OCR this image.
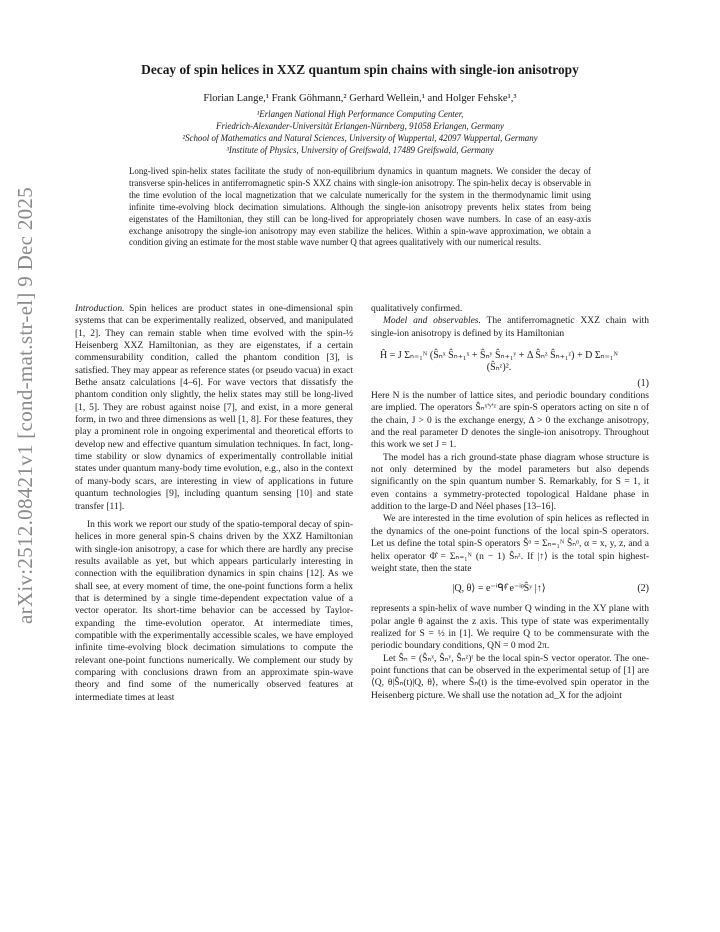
arXiv:2512.08421v1 [cond-mat.str-el] 9 Dec 2025
Decay of spin helices in XXZ quantum spin chains with single-ion anisotropy
Florian Lange,¹ Frank Göhmann,² Gerhard Wellein,¹ and Holger Fehske¹,³
¹Erlangen National High Performance Computing Center,
Friedrich-Alexander-Universität Erlangen-Nürnberg, 91058 Erlangen, Germany
²School of Mathematics and Natural Sciences, University of Wuppertal, 42097 Wuppertal, Germany
³Institute of Physics, University of Greifswald, 17489 Greifswald, Germany
Long-lived spin-helix states facilitate the study of non-equilibrium dynamics in quantum magnets. We consider the decay of transverse spin-helices in antiferromagnetic spin-S XXZ chains with single-ion anisotropy. The spin-helix decay is observable in the time evolution of the local magnetization that we calculate numerically for the system in the thermodynamic limit using infinite time-evolving block decimation simulations. Although the single-ion anisotropy prevents helix states from being eigenstates of the Hamiltonian, they still can be long-lived for appropriately chosen wave numbers. In case of an easy-axis exchange anisotropy the single-ion anisotropy may even stabilize the helices. Within a spin-wave approximation, we obtain a condition giving an estimate for the most stable wave number Q that agrees qualitatively with our numerical results.

Introduction. Spin helices are product states in one-dimensional spin systems that can be experimentally realized, observed, and manipulated [1, 2]. They can remain stable when time evolved with the spin-½ Heisenberg XXZ Hamiltonian, as they are eigenstates, if a certain commensurability condition, called the phantom condition [3], is satisfied. They may appear as reference states (or pseudo vacua) in exact Bethe ansatz calculations [4–6]. For wave vectors that dissatisfy the phantom condition only slightly, the helix states may still be long-lived [1, 5]. They are robust against noise [7], and exist, in a more general form, in two and three dimensions as well [1, 8]. For these features, they play a prominent role in ongoing experimental and theoretical efforts to develop new and effective quantum simulation techniques. In fact, long-time stability or slow dynamics of experimentally controllable initial states under quantum many-body time evolution, e.g., also in the context of many-body scars, are interesting in view of applications in future quantum technologies [9], including quantum sensing [10] and state transfer [11].

In this work we report our study of the spatio-temporal decay of spin-helices in more general spin-S chains driven by the XXZ Hamiltonian with single-ion anisotropy, a case for which there are hardly any precise results available as yet, but which appears particularly interesting in connection with the equilibration dynamics in spin chains [12]. As we shall see, at every moment of time, the one-point functions form a helix that is determined by a single time-dependent expectation value of a vector operator. Its short-time behavior can be accessed by Taylor-expanding the time-evolution operator. At intermediate times, compatible with the experimentally accessible scales, we have employed infinite time-evolving block decimation simulations to compute the relevant one-point functions numerically. We complement our study by comparing with conclusions drawn from an approximate spin-wave theory and find some of the numerically observed features at intermediate times at least

qualitatively confirmed.

Model and observables. The antiferromagnetic XXZ chain with single-ion anisotropy is defined by its Hamiltonian

Ĥ = J Σₙ₌₁ᴺ (Ŝₙˣ Ŝₙ₊₁ˣ + Ŝₙʸ Ŝₙ₊₁ʸ + Δ Ŝₙᶻ Ŝₙ₊₁ᶻ) + D Σₙ₌₁ᴺ (Ŝₙᶻ)².
(1)

Here N is the number of lattice sites, and periodic boundary conditions are implied. The operators Ŝₙˣ'ʸ'ᶻ are spin-S operators acting on site n of the chain, J > 0 is the exchange energy, Δ > 0 the exchange anisotropy, and the real parameter D denotes the single-ion anisotropy. Throughout this work we set J = 1.

The model has a rich ground-state phase diagram whose structure is not only determined by the model parameters but also depends significantly on the spin quantum number S. Remarkably, for S = 1, it even contains a symmetry-protected topological Haldane phase in addition to the large-D and Néel phases [13–16].

We are interested in the time evolution of spin helices as reflected in the dynamics of the one-point functions of the local spin-S operators. Let us define the total spin-S operators Ŝᵅ = Σₙ₌₁ᴺ Ŝₙᵅ, α = x, y, z, and a helix operator Φ̂ = Σₙ₌₁ᴺ (n − 1) Ŝₙᶻ. If |↑⟩ is the total spin highest-weight state, then the state

|Q, θ⟩ = e⁻ⁱᑫᶲ̂ e⁻ⁱᶿŜʸ |↑⟩	(2)

represents a spin-helix of wave number Q winding in the XY plane with polar angle θ against the z axis. This type of state was experimentally realized for S = ½ in [1]. We require Q to be commensurate with the periodic boundary conditions, QN = 0 mod 2π.

Let Ŝₙ = (Ŝₙˣ, Ŝₙʸ, Ŝₙᶻ)ᵗ be the local spin-S vector operator. The one-point functions that can be observed in the experimental setup of [1] are ⟨Q, θ|Ŝₙ(t)|Q, θ⟩, where Ŝₙ(t) is the time-evolved spin operator in the Heisenberg picture. We shall use the notation ad_X for the adjoint
